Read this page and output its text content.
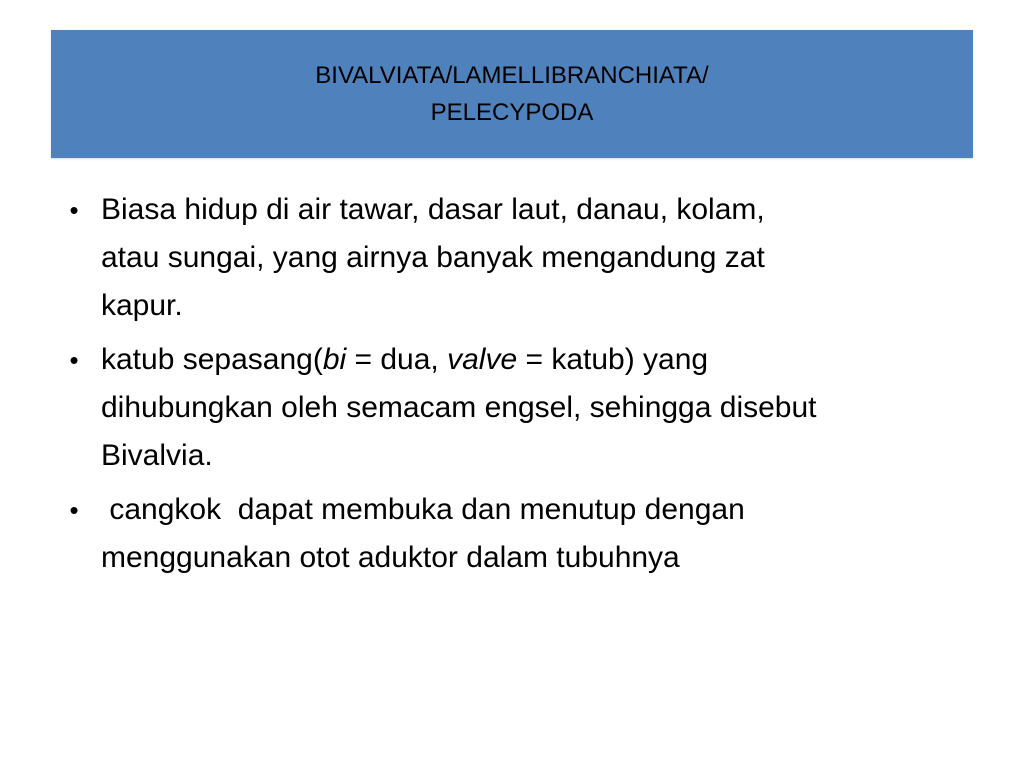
BIVALVIATA/LAMELLIBRANCHIATA/
PELECYPODA
• Biasa hidup di air tawar, dasar laut, danau, kolam,
atau sungai, yang airnya banyak mengandung zat
kapur.
• katub sepasang(bi = dua, valve = katub) yang
dihubungkan oleh semacam engsel, sehingga disebut
Bivalvia.
• cangkok  dapat membuka dan menutup dengan
menggunakan otot aduktor dalam tubuhnya
